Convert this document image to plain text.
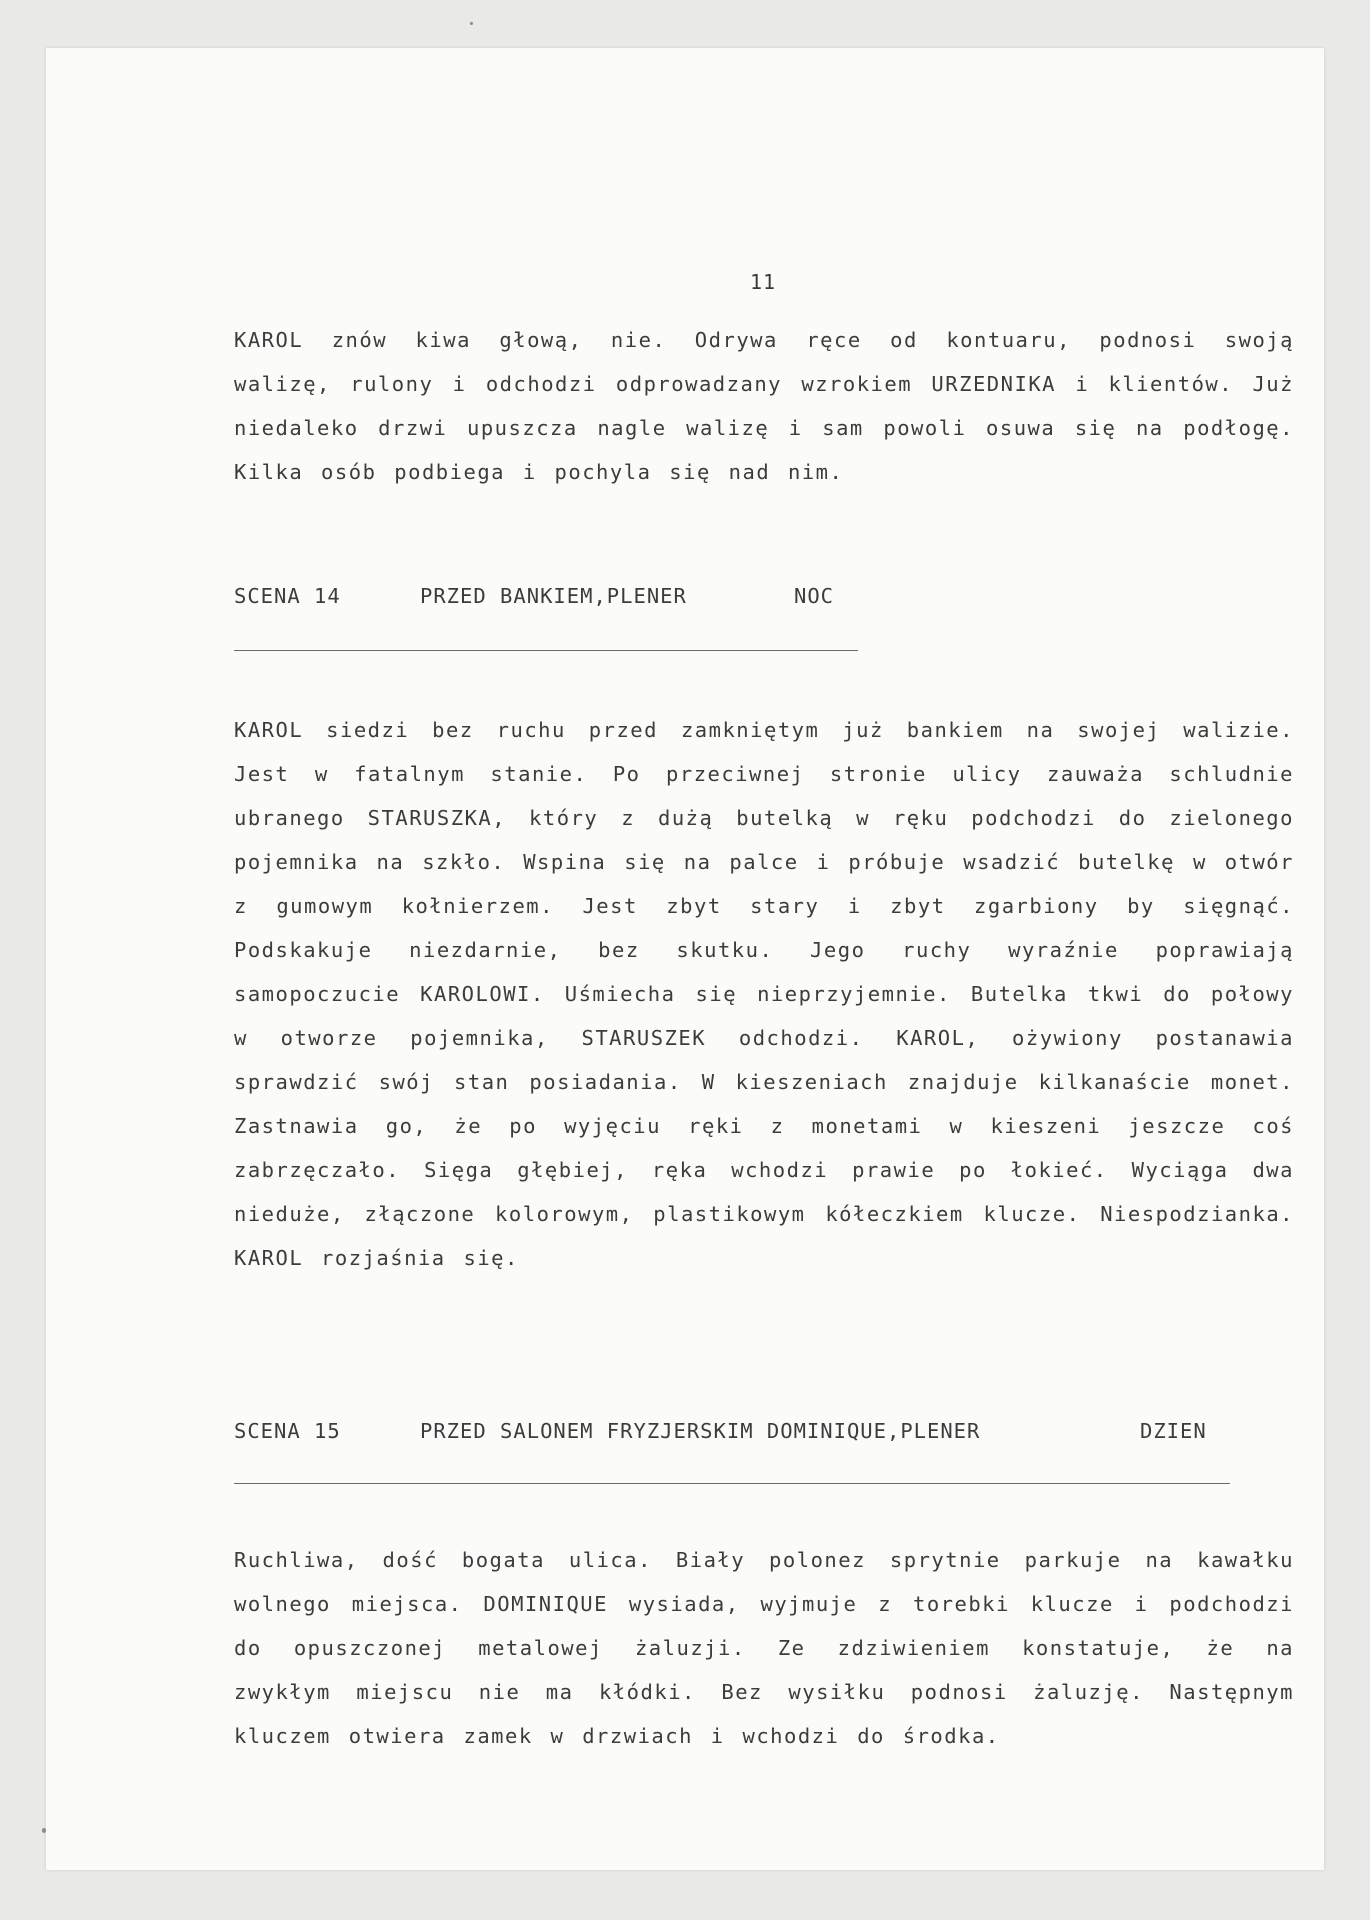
11

KAROL znów kiwa głową, nie. Odrywa ręce od kontuaru, podnosi swoją walizę, rulony i odchodzi odprowadzany wzrokiem URZEDNIKA i klientów. Już niedaleko drzwi upuszcza nagle walizę i sam powoli osuwa się na podłogę. Kilka osób podbiega i pochyla się nad nim.

SCENA 14	PRZED BANKIEM,PLENER	NOC

KAROL siedzi bez ruchu przed zamkniętym już bankiem na swojej walizie. Jest w fatalnym stanie. Po przeciwnej stronie ulicy zauważa schludnie ubranego STARUSZKA, który z dużą butelką w ręku podchodzi do zielonego pojemnika na szkło. Wspina się na palce i próbuje wsadzić butelkę w otwór z gumowym kołnierzem. Jest zbyt stary i zbyt zgarbiony by sięgnąć. Podskakuje niezdarnie, bez skutku. Jego ruchy wyraźnie poprawiają samopoczucie KAROLOWI. Uśmiecha się nieprzyjemnie. Butelka tkwi do połowy w otworze pojemnika, STARUSZEK odchodzi. KAROL, ożywiony postanawia sprawdzić swój stan posiadania. W kieszeniach znajduje kilkanaście monet. Zastnawia go, że po wyjęciu ręki z monetami w kieszeni jeszcze coś zabrzęczało. Sięga głębiej, ręka wchodzi prawie po łokieć. Wyciąga dwa nieduże, złączone kolorowym, plastikowym kółeczkiem klucze. Niespodzianka. KAROL rozjaśnia się.

SCENA 15	PRZED SALONEM FRYZJERSKIM DOMINIQUE,PLENER	DZIEN

Ruchliwa, dość bogata ulica. Biały polonez sprytnie parkuje na kawałku wolnego miejsca. DOMINIQUE wysiada, wyjmuje z torebki klucze i podchodzi do opuszczonej metalowej żaluzji. Ze zdziwieniem konstatuje, że na zwykłym miejscu nie ma kłódki. Bez wysiłku podnosi żaluzję. Następnym kluczem otwiera zamek w drzwiach i wchodzi do środka.
